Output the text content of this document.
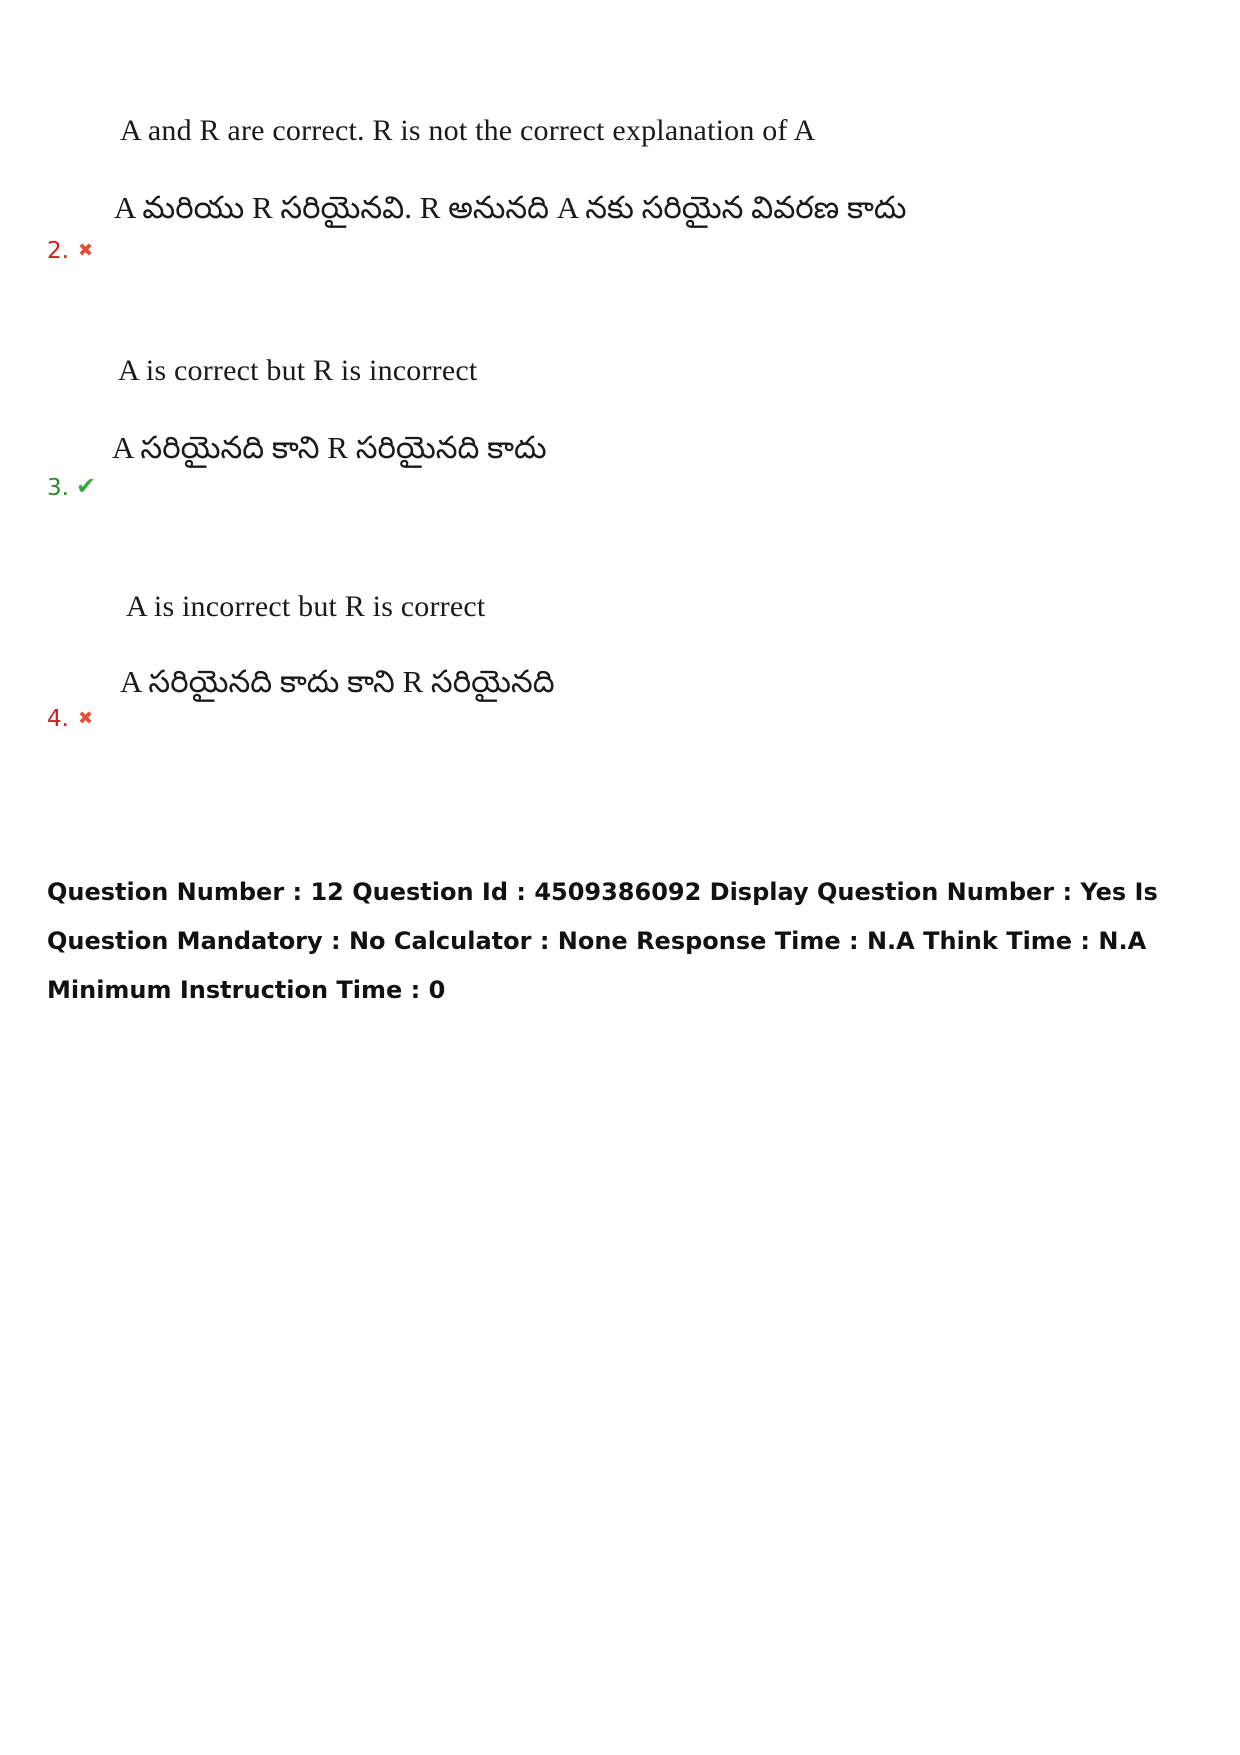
A and R are correct. R is not the correct explanation of A
A మరియు R సరియైనవి. R అనునది A నకు సరియైన వివరణ కాదు
2. ✖
A is correct but R is incorrect
A సరియైనది కాని R సరియైనది కాదు
3. ✔
A is incorrect but R is correct
A సరియైనది కాదు కాని R సరియైనది
4. ✖
Question Number : 12 Question Id : 4509386092 Display Question Number : Yes Is Question Mandatory : No Calculator : None Response Time : N.A Think Time : N.A Minimum Instruction Time : 0
